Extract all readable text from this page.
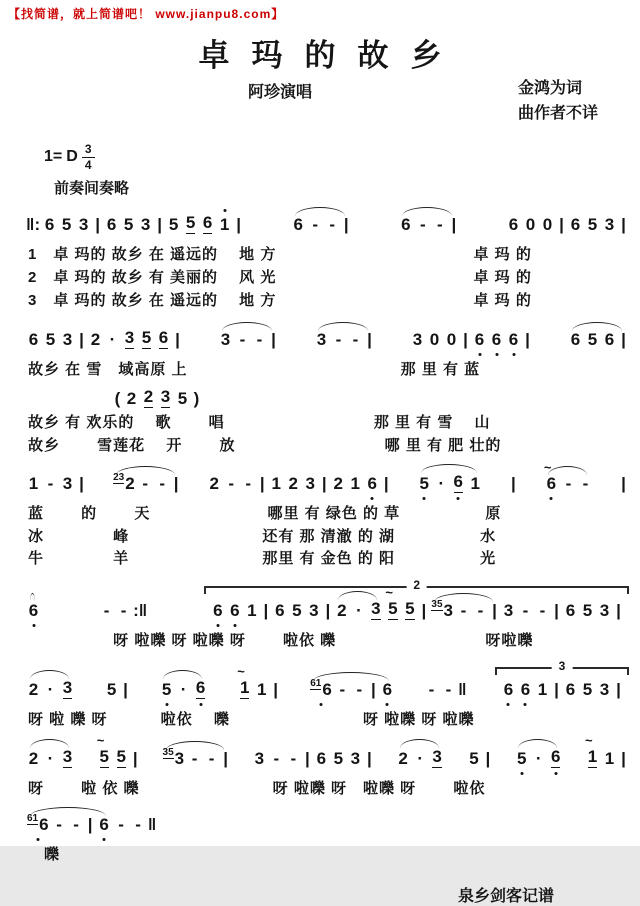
【找简谱，就上简谱吧！ www.jianpu8.com】
卓玛的故乡
阿珍演唱	金鸿为词
曲作者不详
1= D $\frac{3}{4}$
前奏间奏略
‖: 6 5 3 | 6 5 3 | 5 5 6 1 |	6 - - |	6 - - |	6 0 0 | 6 5 3 |
1　卓 玛的 故乡 在 遥远的　 地 方　　　　　　　　　　　　 卓 玛 的
2　卓 玛的 故乡 有 美丽的　 风 光　　　　　　　　　　　　 卓 玛 的
3　卓 玛的 故乡 在 遥远的　 地 方　　　　　　　　　　　　 卓 玛 的
6 5 3 | 2 · 3 5 6 | 3 - - | 3 - - | 3 0 0 | 6 6 6 | 6 5 6 |
故乡 在 雪　域高原 上　　　　　　　　　　　　　 那 里 有 蓝
( 2 2 3 5 )
故乡 有 欢乐的　 歌　　 唱　　　　　　　　　 那 里 有 雪　 山
故乡　　 雪莲花　 开　　 放　　　　　　　　　 哪 里 有 肥 壮的
1 - 3 |	23 2 - - | 2 - - | 1 2 3 | 2 1 6 | 5 · 6 1 | 6
~
- - |
蓝　　 的　　 天　　　　　　　 哪里 有 绿色 的 草　　　　　 原
冰　　　　 峰　　　　　　　　 还有 那 清澈 的 湖　　　　　 水
牛　　　　 羊　　　　　　　　 那里 有 金色 的 阳　　　　　 光
6	- - :‖
2
6 6 1 | 6 5 3 | 2 · 3 5
~
5 | 35 3 - - | 3 - - | 6 5 3 |
　　　　　 呀 啦嚛 呀 啦嚛 呀　　 啦依 嚛　　　　　　　　　 呀啦嚛
2 · 3 5 | 5 · 6 1
~
1 |	61 6 - - | 6 - - ‖
3
6 6 1 | 6 5 3 |
呀 啦 嚛 呀　　　 啦依　 嚛　　　　　　　　 呀 啦嚛 呀 啦嚛
2 · 3 5
~
5 | 35 3 - - | 3 - - | 6 5 3 | 2 · 3 5 | 5 · 6 1
~
1 |
呀　　 啦 依 嚛　　　　　　　　 呀 啦嚛 呀　啦嚛 呀　　 啦依
61 6 - - | 6 - - ‖
　嚛
泉乡剑客记谱
